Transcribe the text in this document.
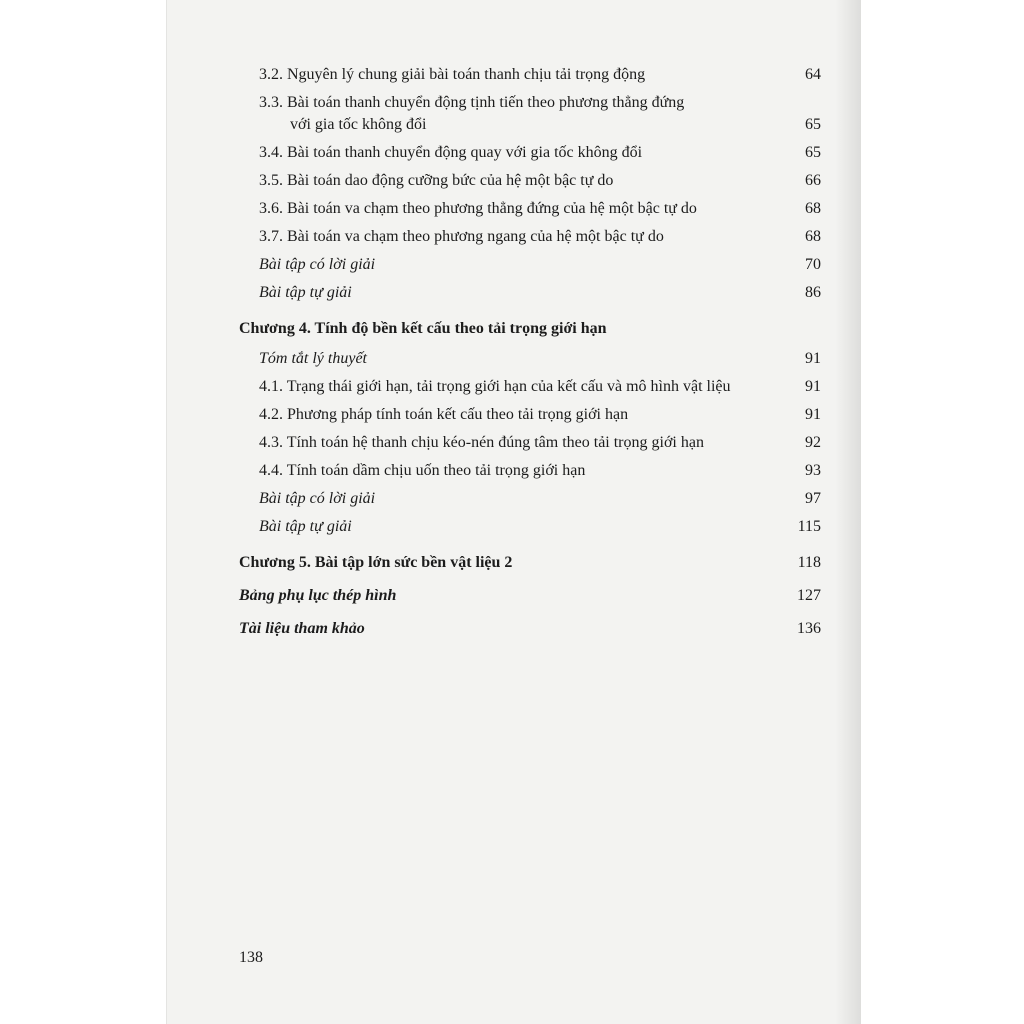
3.2. Nguyên lý chung giải bài toán thanh chịu tải trọng động	64
3.3. Bài toán thanh chuyển động tịnh tiến theo phương thẳng đứng
với gia tốc không đổi	65
3.4. Bài toán thanh chuyển động quay với gia tốc không đổi	65
3.5. Bài toán dao động cưỡng bức của hệ một bậc tự do	66
3.6. Bài toán va chạm theo phương thẳng đứng của hệ một bậc tự do	68
3.7. Bài toán va chạm theo phương ngang của hệ một bậc tự do	68
Bài tập có lời giải	70
Bài tập tự giải	86
Chương 4. Tính độ bền kết cấu theo tải trọng giới hạn
Tóm tắt lý thuyết	91
4.1. Trạng thái giới hạn, tải trọng giới hạn của kết cấu và mô hình vật liệu	91
4.2. Phương pháp tính toán kết cấu theo tải trọng giới hạn	91
4.3. Tính toán hệ thanh chịu kéo-nén đúng tâm theo tải trọng giới hạn	92
4.4. Tính toán dầm chịu uốn theo tải trọng giới hạn	93
Bài tập có lời giải	97
Bài tập tự giải	115
Chương 5. Bài tập lớn sức bền vật liệu 2	118
Bảng phụ lục thép hình	127
Tài liệu tham khảo	136
138
